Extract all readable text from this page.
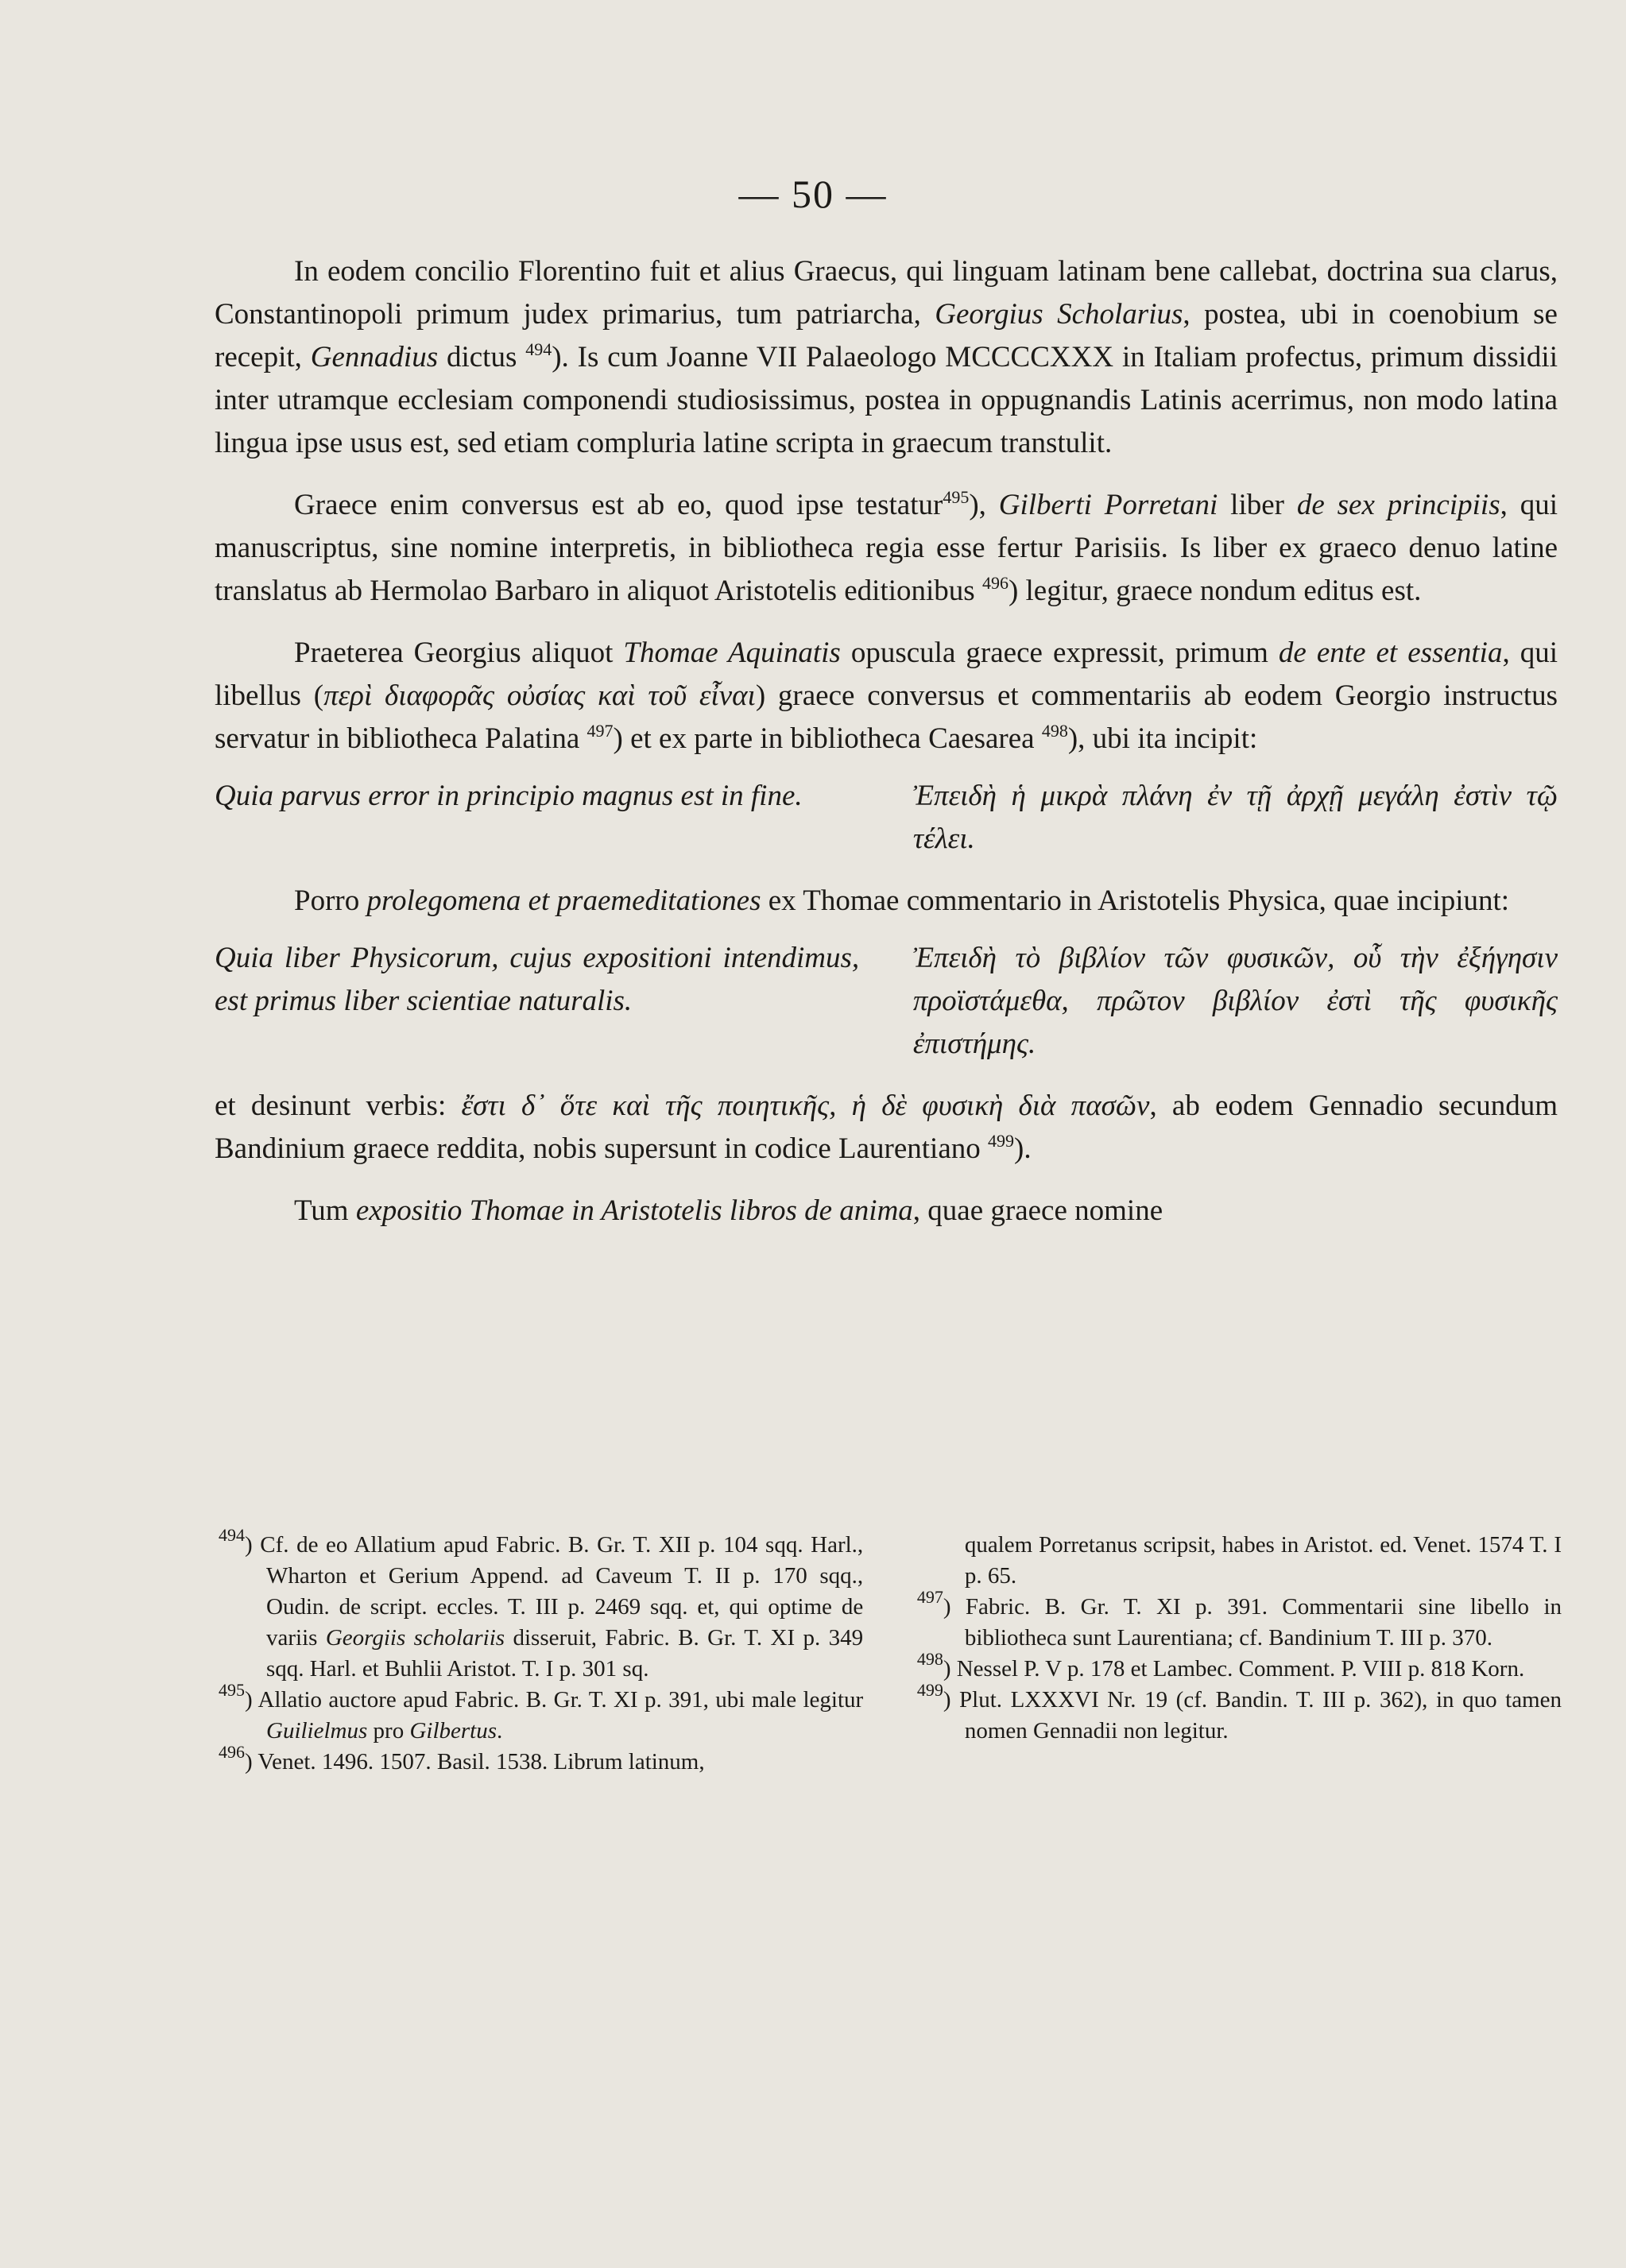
— 50 —

In eodem concilio Florentino fuit et alius Graecus, qui linguam latinam bene callebat, doctrina sua clarus, Constantinopoli primum judex primarius, tum patriarcha, Georgius Scholarius, postea, ubi in coenobium se recepit, Gennadius dictus $^{494}$). Is cum Joanne VII Palaeologo MCCCCXXX in Italiam profectus, primum dissidii inter utramque ecclesiam componendi studiosissimus, postea in oppugnandis Latinis acerrimus, non modo latina lingua ipse usus est, sed etiam compluria latine scripta in graecum transtulit.

Graece enim conversus est ab eo, quod ipse testatur$^{495}$), Gilberti Porretani liber de sex principiis, qui manuscriptus, sine nomine interpretis, in bibliotheca regia esse fertur Parisiis. Is liber ex graeco denuo latine translatus ab Hermolao Barbaro in aliquot Aristotelis editionibus $^{496}$) legitur, graece nondum editus est.

Praeterea Georgius aliquot Thomae Aquinatis opuscula graece expressit, primum de ente et essentia, qui libellus (περὶ διαφορᾶς οὐσίας καὶ τοῦ εἶναι) graece conversus et commentariis ab eodem Georgio instructus servatur in bibliotheca Palatina $^{497}$) et ex parte in bibliotheca Caesarea $^{498}$), ubi ita incipit:

Quia parvus error in principio magnus est in fine.	Ἐπειδὴ ἡ μικρὰ πλάνη ἐν τῇ ἀρχῇ μεγάλη ἐστὶν τῷ τέλει.

Porro prolegomena et praemeditationes ex Thomae commentario in Aristotelis Physica, quae incipiunt:

Quia liber Physicorum, cujus expositioni intendimus, est primus liber scientiae naturalis.
Ἐπειδὴ τὸ βιβλίον τῶν φυσικῶν, οὗ τὴν ἐξήγησιν προϊστάμεθα, πρῶτον βιβλίον ἐστὶ τῆς φυσικῆς ἐπιστήμης.

et desinunt verbis: ἔστι δ᾽ ὅτε καὶ τῆς ποιητικῆς, ἡ δὲ φυσικὴ διὰ πασῶν, ab eodem Gennadio secundum Bandinium graece reddita, nobis supersunt in codice Laurentiano $^{499}$).

Tum expositio Thomae in Aristotelis libros de anima, quae graece nomine

$^{494}$) Cf. de eo Allatium apud Fabric. B. Gr. T. XII p. 104 sqq. Harl., Wharton et Gerium Append. ad Caveum T. II p. 170 sqq., Oudin. de script. eccles. T. III p. 2469 sqq. et, qui optime de variis Georgiis scholariis disseruit, Fabric. B. Gr. T. XI p. 349 sqq. Harl. et Buhlii Aristot. T. I p. 301 sq.

$^{495}$) Allatio auctore apud Fabric. B. Gr. T. XI p. 391, ubi male legitur Guilielmus pro Gilbertus.

$^{496}$) Venet. 1496. 1507. Basil. 1538. Librum latinum,

qualem Porretanus scripsit, habes in Aristot. ed. Venet. 1574 T. I p. 65.

$^{497}$) Fabric. B. Gr. T. XI p. 391. Commentarii sine libello in bibliotheca sunt Laurentiana; cf. Bandinium T. III p. 370.

$^{498}$) Nessel P. V p. 178 et Lambec. Comment. P. VIII p. 818 Korn.

$^{499}$) Plut. LXXXVI Nr. 19 (cf. Bandin. T. III p. 362), in quo tamen nomen Gennadii non legitur.
